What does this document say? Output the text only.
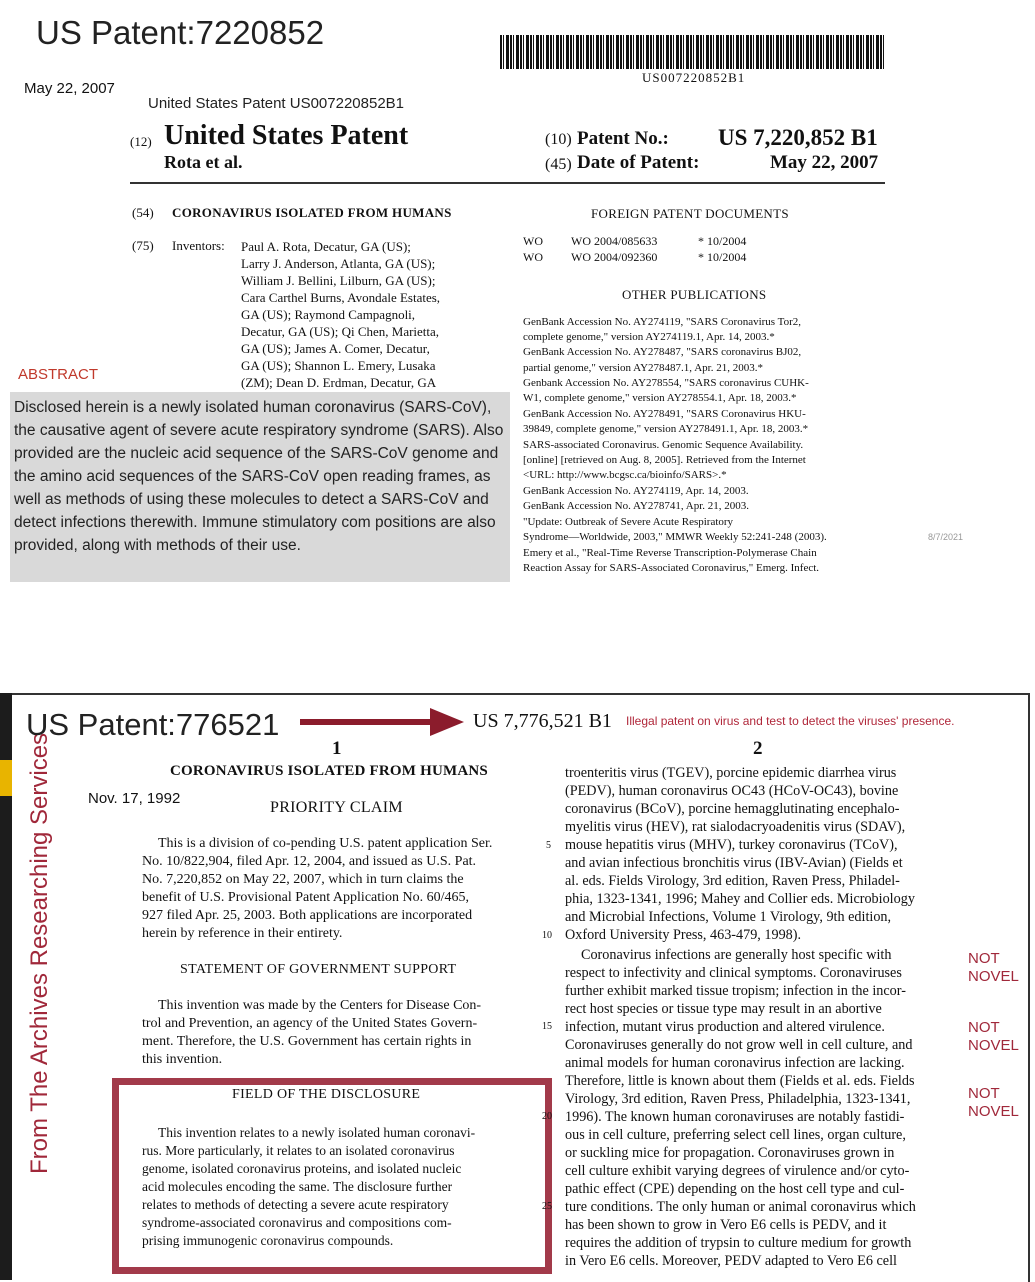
US Patent:7220852
May 22, 2007
United States Patent US007220852B1
US007220852B1
(12) United States Patent
Rota et al.
(10) Patent No.: US 7,220,852 B1
(45) Date of Patent:	May 22, 2007
(54) CORONAVIRUS ISOLATED FROM HUMANS
(75) Inventors: Paul A. Rota, Decatur, GA (US);
Larry J. Anderson, Atlanta, GA (US);
William J. Bellini, Lilburn, GA (US);
Cara Carthel Burns, Avondale Estates,
GA (US); Raymond Campagnoli,
Decatur, GA (US); Qi Chen, Marietta,
GA (US); James A. Comer, Decatur,
GA (US); Shannon L. Emery, Lusaka
(ZM); Dean D. Erdman, Decatur, GA
FOREIGN PATENT DOCUMENTS
WO WO 2004/085633	* 10/2004
WO WO 2004/092360	* 10/2004
OTHER PUBLICATIONS
GenBank Accession No. AY274119, "SARS Coronavirus Tor2,
complete genome," version AY274119.1, Apr. 14, 2003.*
GenBank Accession No. AY278487, "SARS coronavirus BJ02,
partial genome," version AY278487.1, Apr. 21, 2003.*
Genbank Accession No. AY278554, "SARS coronavirus CUHK-
W1, complete genome," version AY278554.1, Apr. 18, 2003.*
GenBank Accession No. AY278491, "SARS Coronavirus HKU-
39849, complete genome," version AY278491.1, Apr. 18, 2003.*
SARS-associated Coronavirus. Genomic Sequence Availability.
[online] [retrieved on Aug. 8, 2005]. Retrieved from the Internet
<URL: http://www.bcgsc.ca/bioinfo/SARS>.*
GenBank Accession No. AY274119, Apr. 14, 2003.
GenBank Accession No. AY278741, Apr. 21, 2003.
"Update: Outbreak of Severe Acute Respiratory
Syndrome—Worldwide, 2003," MMWR Weekly 52:241-248 (2003).
Emery et al., "Real-Time Reverse Transcription-Polymerase Chain
Reaction Assay for SARS-Associated Coronavirus," Emerg. Infect.
8/7/2021
ABSTRACT
Disclosed herein is a newly isolated human coronavirus (SARS-CoV), the causative agent of severe acute respiratory syndrome (SARS). Also provided are the nucleic acid sequence of the SARS-CoV genome and the amino acid sequences of the SARS-CoV open reading frames, as well as methods of using these molecules to detect a SARS-CoV and detect infections therewith. Immune stimulatory com positions are also provided, along with methods of their use.
From The Archives Researching Services
US Patent:776521	US 7,776,521 B1 Illegal patent on virus and test to detect the viruses' presence.
1	2
CORONAVIRUS ISOLATED FROM HUMANS
Nov. 17, 1992
PRIORITY CLAIM
This is a division of co-pending U.S. patent application Ser.
No. 10/822,904, filed Apr. 12, 2004, and issued as U.S. Pat.
No. 7,220,852 on May 22, 2007, which in turn claims the
benefit of U.S. Provisional Patent Application No. 60/465,
927 filed Apr. 25, 2003. Both applications are incorporated
herein by reference in their entirety.
STATEMENT OF GOVERNMENT SUPPORT
This invention was made by the Centers for Disease Con-
trol and Prevention, an agency of the United States Govern-
ment. Therefore, the U.S. Government has certain rights in
this invention.
FIELD OF THE DISCLOSURE
This invention relates to a newly isolated human coronavi-
rus. More particularly, it relates to an isolated coronavirus
genome, isolated coronavirus proteins, and isolated nucleic
acid molecules encoding the same. The disclosure further
relates to methods of detecting a severe acute respiratory
syndrome-associated coronavirus and compositions com-
prising immunogenic coronavirus compounds.
5
10
15
20
25
troenteritis virus (TGEV), porcine epidemic diarrhea virus
(PEDV), human coronavirus OC43 (HCoV-OC43), bovine
coronavirus (BCoV), porcine hemagglutinating encephalo-
myelitis virus (HEV), rat sialodacryoadenitis virus (SDAV),
mouse hepatitis virus (MHV), turkey coronavirus (TCoV),
and avian infectious bronchitis virus (IBV-Avian) (Fields et
al. eds. Fields Virology, 3rd edition, Raven Press, Philadel-
phia, 1323-1341, 1996; Mahey and Collier eds. Microbiology
and Microbial Infections, Volume 1 Virology, 9th edition,
Oxford University Press, 463-479, 1998).
Coronavirus infections are generally host specific with
respect to infectivity and clinical symptoms. Coronaviruses
further exhibit marked tissue tropism; infection in the incor-
rect host species or tissue type may result in an abortive
infection, mutant virus production and altered virulence.
Coronaviruses generally do not grow well in cell culture, and
animal models for human coronavirus infection are lacking.
Therefore, little is known about them (Fields et al. eds. Fields
Virology, 3rd edition, Raven Press, Philadelphia, 1323-1341,
1996). The known human coronaviruses are notably fastidi-
ous in cell culture, preferring select cell lines, organ culture,
or suckling mice for propagation. Coronaviruses grown in
cell culture exhibit varying degrees of virulence and/or cyto-
pathic effect (CPE) depending on the host cell type and cul-
ture conditions. The only human or animal coronavirus which
has been shown to grow in Vero E6 cells is PEDV, and it
requires the addition of trypsin to culture medium for growth
in Vero E6 cells. Moreover, PEDV adapted to Vero E6 cell
NOT NOVEL
NOT NOVEL
NOT NOVEL
